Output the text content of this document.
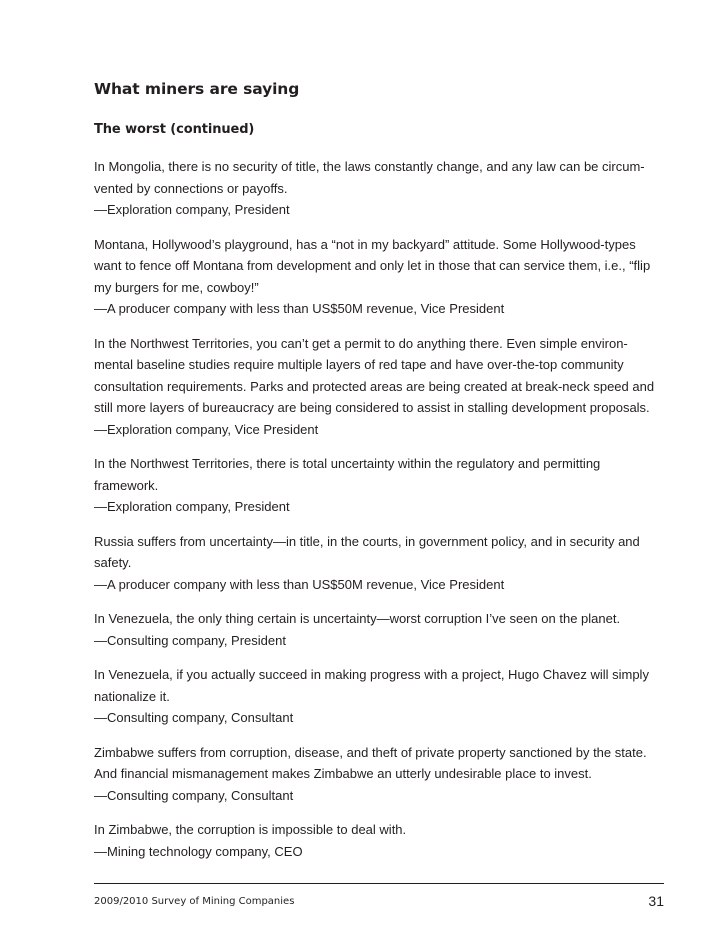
What miners are saying
The worst (continued)
In Mongolia, there is no security of title, the laws constantly change, and any law can be circum-
vented by connections or payoffs.
—Exploration company, President
Montana, Hollywood’s playground, has a “not in my backyard” attitude. Some Hollywood-types
want to fence off Montana from development and only let in those that can service them, i.e., “flip
my burgers for me, cowboy!”
—A producer company with less than US$50M revenue, Vice President
In the Northwest Territories, you can’t get a permit to do anything there. Even simple environ-
mental baseline studies require multiple layers of red tape and have over-the-top community
consultation requirements. Parks and protected areas are being created at break-neck speed and
still more layers of bureaucracy are being considered to assist in stalling development proposals.
—Exploration company, Vice President
In the Northwest Territories, there is total uncertainty within the regulatory and permitting
framework.
—Exploration company, President
Russia suffers from uncertainty—in title, in the courts, in government policy, and in security and
safety.
—A producer company with less than US$50M revenue, Vice President
In Venezuela, the only thing certain is uncertainty—worst corruption I’ve seen on the planet.
—Consulting company, President
In Venezuela, if you actually succeed in making progress with a project, Hugo Chavez will simply
nationalize it.
—Consulting company, Consultant
Zimbabwe suffers from corruption, disease, and theft of private property sanctioned by the state.
And financial mismanagement makes Zimbabwe an utterly undesirable place to invest.
—Consulting company, Consultant
In Zimbabwe, the corruption is impossible to deal with.
—Mining technology company, CEO
2009/2010 Survey of Mining Companies	31
